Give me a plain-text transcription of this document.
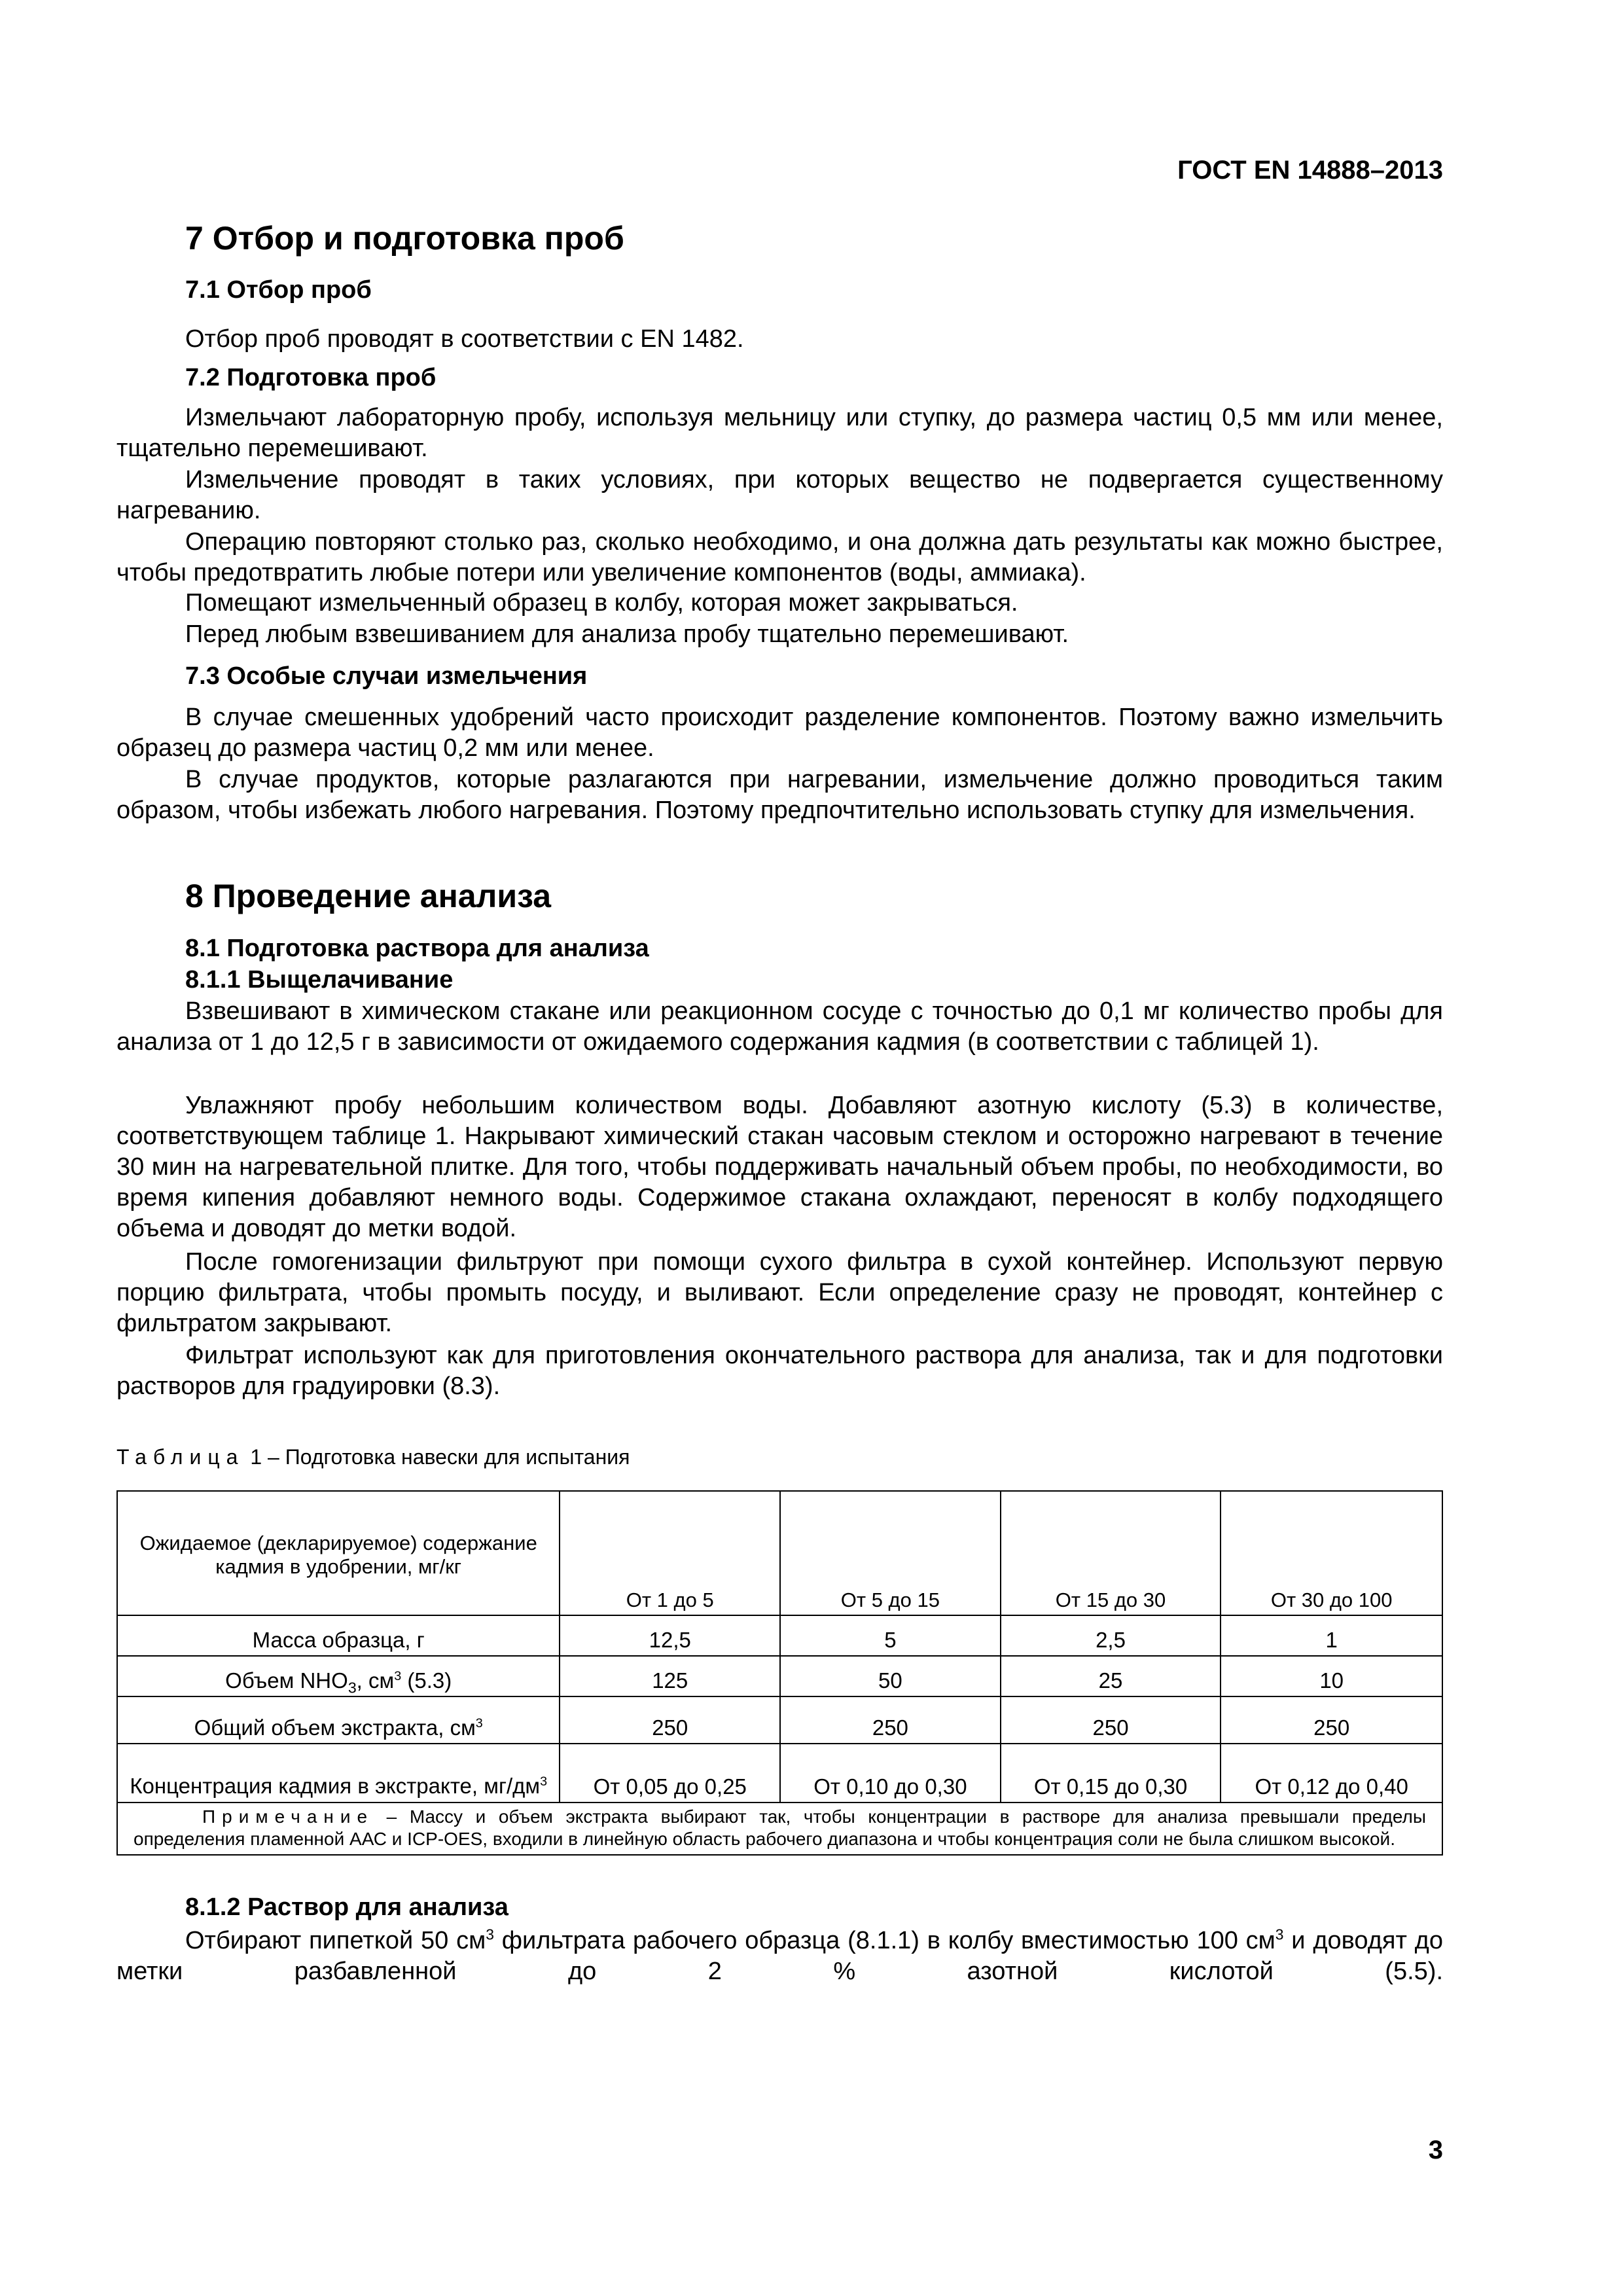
ГОСТ EN 14888–2013
7 Отбор и подготовка проб
7.1 Отбор проб

Отбор проб проводят в соответствии с EN 1482.

7.2 Подготовка проб

Измельчают лабораторную пробу, используя мельницу или ступку, до размера частиц 0,5 мм или менее, тщательно перемешивают.

Измельчение проводят в таких условиях, при которых вещество не подвергается существенному нагреванию.

Операцию повторяют столько раз, сколько необходимо, и она должна дать результаты как можно быстрее, чтобы предотвратить любые потери или увеличение компонентов (воды, аммиака).

Помещают измельченный образец в колбу, которая может закрываться.

Перед любым взвешиванием для анализа пробу тщательно перемешивают.

7.3 Особые случаи измельчения

В случае смешенных удобрений часто происходит разделение компонентов. Поэтому важно измельчить образец до размера частиц 0,2 мм или менее.

В случае продуктов, которые разлагаются при нагревании, измельчение должно проводиться таким образом, чтобы избежать любого нагревания. Поэтому предпочтительно использовать ступку для измельчения.

8 Проведение анализа
8.1 Подготовка раствора для анализа
8.1.1 Выщелачивание

Взвешивают в химическом стакане или реакционном сосуде с точностью до 0,1 мг количество пробы для анализа от 1 до 12,5 г в зависимости от ожидаемого содержания кадмия (в соответствии с таблицей 1).

Увлажняют пробу небольшим количеством воды. Добавляют азотную кислоту (5.3) в количестве, соответствующем таблице 1. Накрывают химический стакан часовым стеклом и осторожно нагревают в течение 30 мин на нагревательной плитке. Для того, чтобы поддерживать начальный объем пробы, по необходимости, во время кипения добавляют немного воды. Содержимое стакана охлаждают, переносят в колбу подходящего объема и доводят до метки водой.

После гомогенизации фильтруют при помощи сухого фильтра в сухой контейнер. Используют первую порцию фильтрата, чтобы промыть посуду, и выливают. Если определение сразу не проводят, контейнер с фильтратом закрывают.

Фильтрат используют как для приготовления окончательного раствора для анализа, так и для подготовки растворов для градуировки (8.3).

Таблица 1 – Подготовка навески для испытания
Ожидаемое (декларируемое) содержание кадмия в удобрении, мг/кг	От 1 до 5	От 5 до 15	От 15 до 30	От 30 до 100
Масса образца, г	12,5	5	2,5	1
Объем $NHO_3$, $см^3$ (5.3)	125	50	25	10
Общий объем экстракта, $см^3$	250	250	250	250
Концентрация кадмия в экстракте, $мг/дм^3$	От 0,05 до 0,25	От 0,10 до 0,30	От 0,15 до 0,30	От 0,12 до 0,40
Примечание – Массу и объем экстракта выбирают так, чтобы концентрации в растворе для анализа превышали пределы определения пламенной ААС и ICP-OES, входили в линейную область рабочего диапазона и чтобы концентрация соли не была слишком высокой.				
8.1.2 Раствор для анализа

Отбирают пипеткой 50 $см^3$ фильтрата рабочего образца (8.1.1) в колбу вместимостью 100 $см^3$ и доводят до метки разбавленной до 2 % азотной кислотой (5.5).

3
